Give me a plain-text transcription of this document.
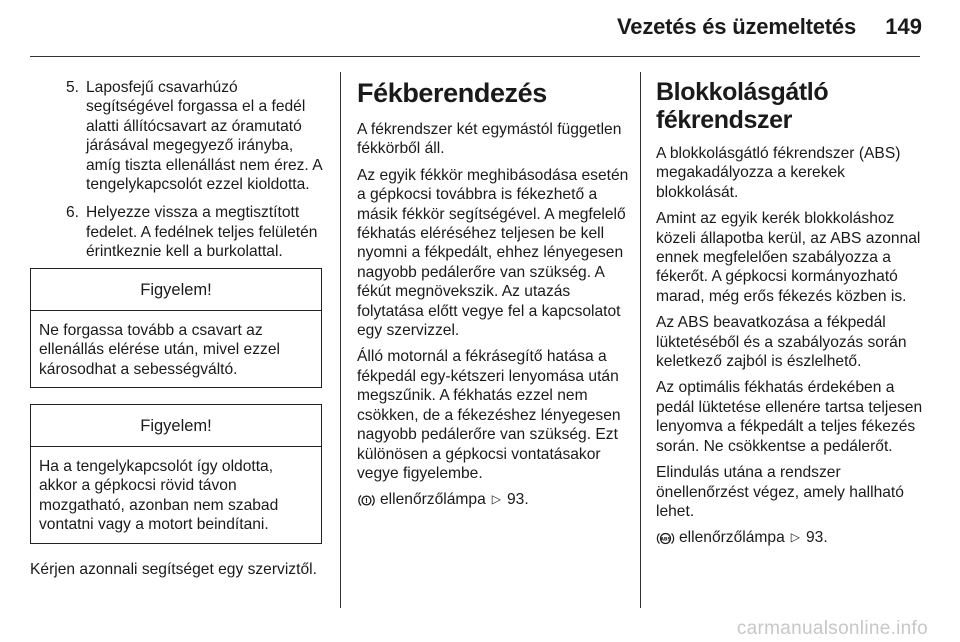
Vezetés és üzemeltetés 149
5. Laposfejű csavarhúzó segítségével forgassa el a fedél alatti állítócsavart az óramutató járásával megegyező irányba, amíg tiszta ellenállást nem érez. A tengelykapcsolót ezzel kioldotta.
6. Helyezze vissza a megtisztított fedelet. A fedélnek teljes felületén érintkeznie kell a burkolattal.
Figyelem!
Ne forgassa tovább a csavart az ellenállás elérése után, mivel ezzel károsodhat a sebességváltó.
Figyelem!
Ha a tengelykapcsolót így oldotta, akkor a gépkocsi rövid távon mozgatható, azonban nem szabad vontatni vagy a motort beindítani.
Kérjen azonnali segítséget egy szerviztől.
Fékberendezés

A fékrendszer két egymástól független fékkörből áll.

Az egyik fékkör meghibásodása esetén a gépkocsi továbbra is fékezhető a másik fékkör segítségével. A megfelelő fékhatás eléréséhez teljesen be kell nyomni a fékpedált, ehhez lényegesen nagyobb pedálerőre van szükség. A fékút megnövekszik. Az utazás folytatása előtt vegye fel a kapcsolatot egy szervizzel.

Álló motornál a fékrásegítő hatása a fékpedál egy-kétszeri lenyomása után megszűnik. A fékhatás ezzel nem csökken, de a fékezéshez lényegesen nagyobb pedálerőre van szükség. Ezt különösen a gépkocsi vontatásakor vegye figyelembe.

! ellenőrzőlámpa ▷ 93.
Blokkolásgátló fékrendszer

A blokkolásgátló fékrendszer (ABS) megakadályozza a kerekek blokkolását.

Amint az egyik kerék blokkoláshoz közeli állapotba kerül, az ABS azonnal ennek megfelelően szabályozza a fékerőt. A gépkocsi kormányozható marad, még erős fékezés közben is.

Az ABS beavatkozása a fékpedál lüktetéséből és a szabályozás során keletkező zajból is észlelhető.

Az optimális fékhatás érdekében a pedál lüktetése ellenére tartsa teljesen lenyomva a fékpedált a teljes fékezés során. Ne csökkentse a pedálerőt.

Elindulás utána a rendszer önellenőrzést végez, amely hallható lehet.

ABS ellenőrzőlámpa ▷ 93.
carmanualsonline.info
